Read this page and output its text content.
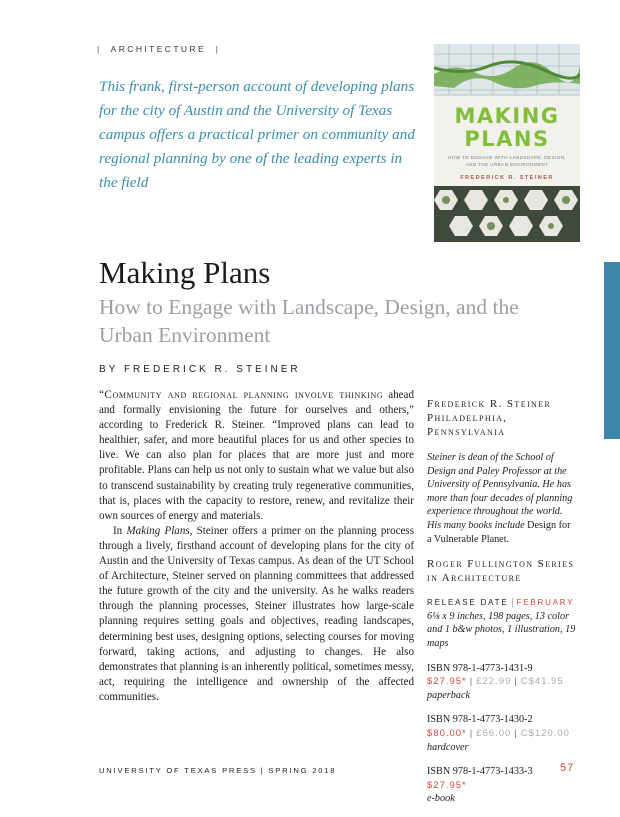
| ARCHITECTURE |
This frank, first-person account of developing plans for the city of Austin and the University of Texas campus offers a practical primer on community and regional planning by one of the leading experts in the field
MAKING
PLANS
HOW TO ENGAGE WITH LANDSCAPE, DESIGN, AND THE URBAN ENVIRONMENT
FREDERICK R. STEINER
Making Plans
How to Engage with Landscape, Design, and the Urban Environment
BY FREDERICK R. STEINER

“Community and regional planning involve thinking ahead and formally envisioning the future for ourselves and others,” according to Frederick R. Steiner. “Improved plans can lead to healthier, safer, and more beautiful places for us and other species to live. We can also plan for places that are more just and more profitable. Plans can help us not only to sustain what we value but also to transcend sustainability by creating truly regenerative communities, that is, places with the capacity to restore, renew, and revitalize their own sources of energy and materials.

In Making Plans, Steiner offers a primer on the planning process through a lively, firsthand account of developing plans for the city of Austin and the University of Texas campus. As dean of the UT School of Architecture, Steiner served on planning committees that addressed the future growth of the city and the university. As he walks readers through the planning processes, Steiner illustrates how large-scale planning requires setting goals and objectives, reading landscapes, determining best uses, designing options, selecting courses for moving forward, taking actions, and adjusting to changes. He also demonstrates that planning is an inherently political, sometimes messy, act, requiring the intelligence and ownership of the affected communities.

Frederick R. Steiner
Philadelphia, Pennsylvania
Steiner is dean of the School of Design and Paley Professor at the University of Pennsylvania. He has more than four decades of planning experience throughout the world. His many books include Design for a Vulnerable Planet.
Roger Fullington Series
in Architecture
RELEASE DATE | FEBRUARY
6⅛ x 9 inches, 198 pages, 13 color and 1 b&w photos, 1 illustration, 19 maps
ISBN 978-1-4773-1431-9
$27.95* | £22.99 | C$41.95
paperback
ISBN 978-1-4773-1430-2
$80.00* | £66.00 | C$120.00
hardcover
ISBN 978-1-4773-1433-3
$27.95*
e-book
UNIVERSITY OF TEXAS PRESS | SPRING 2018	57
